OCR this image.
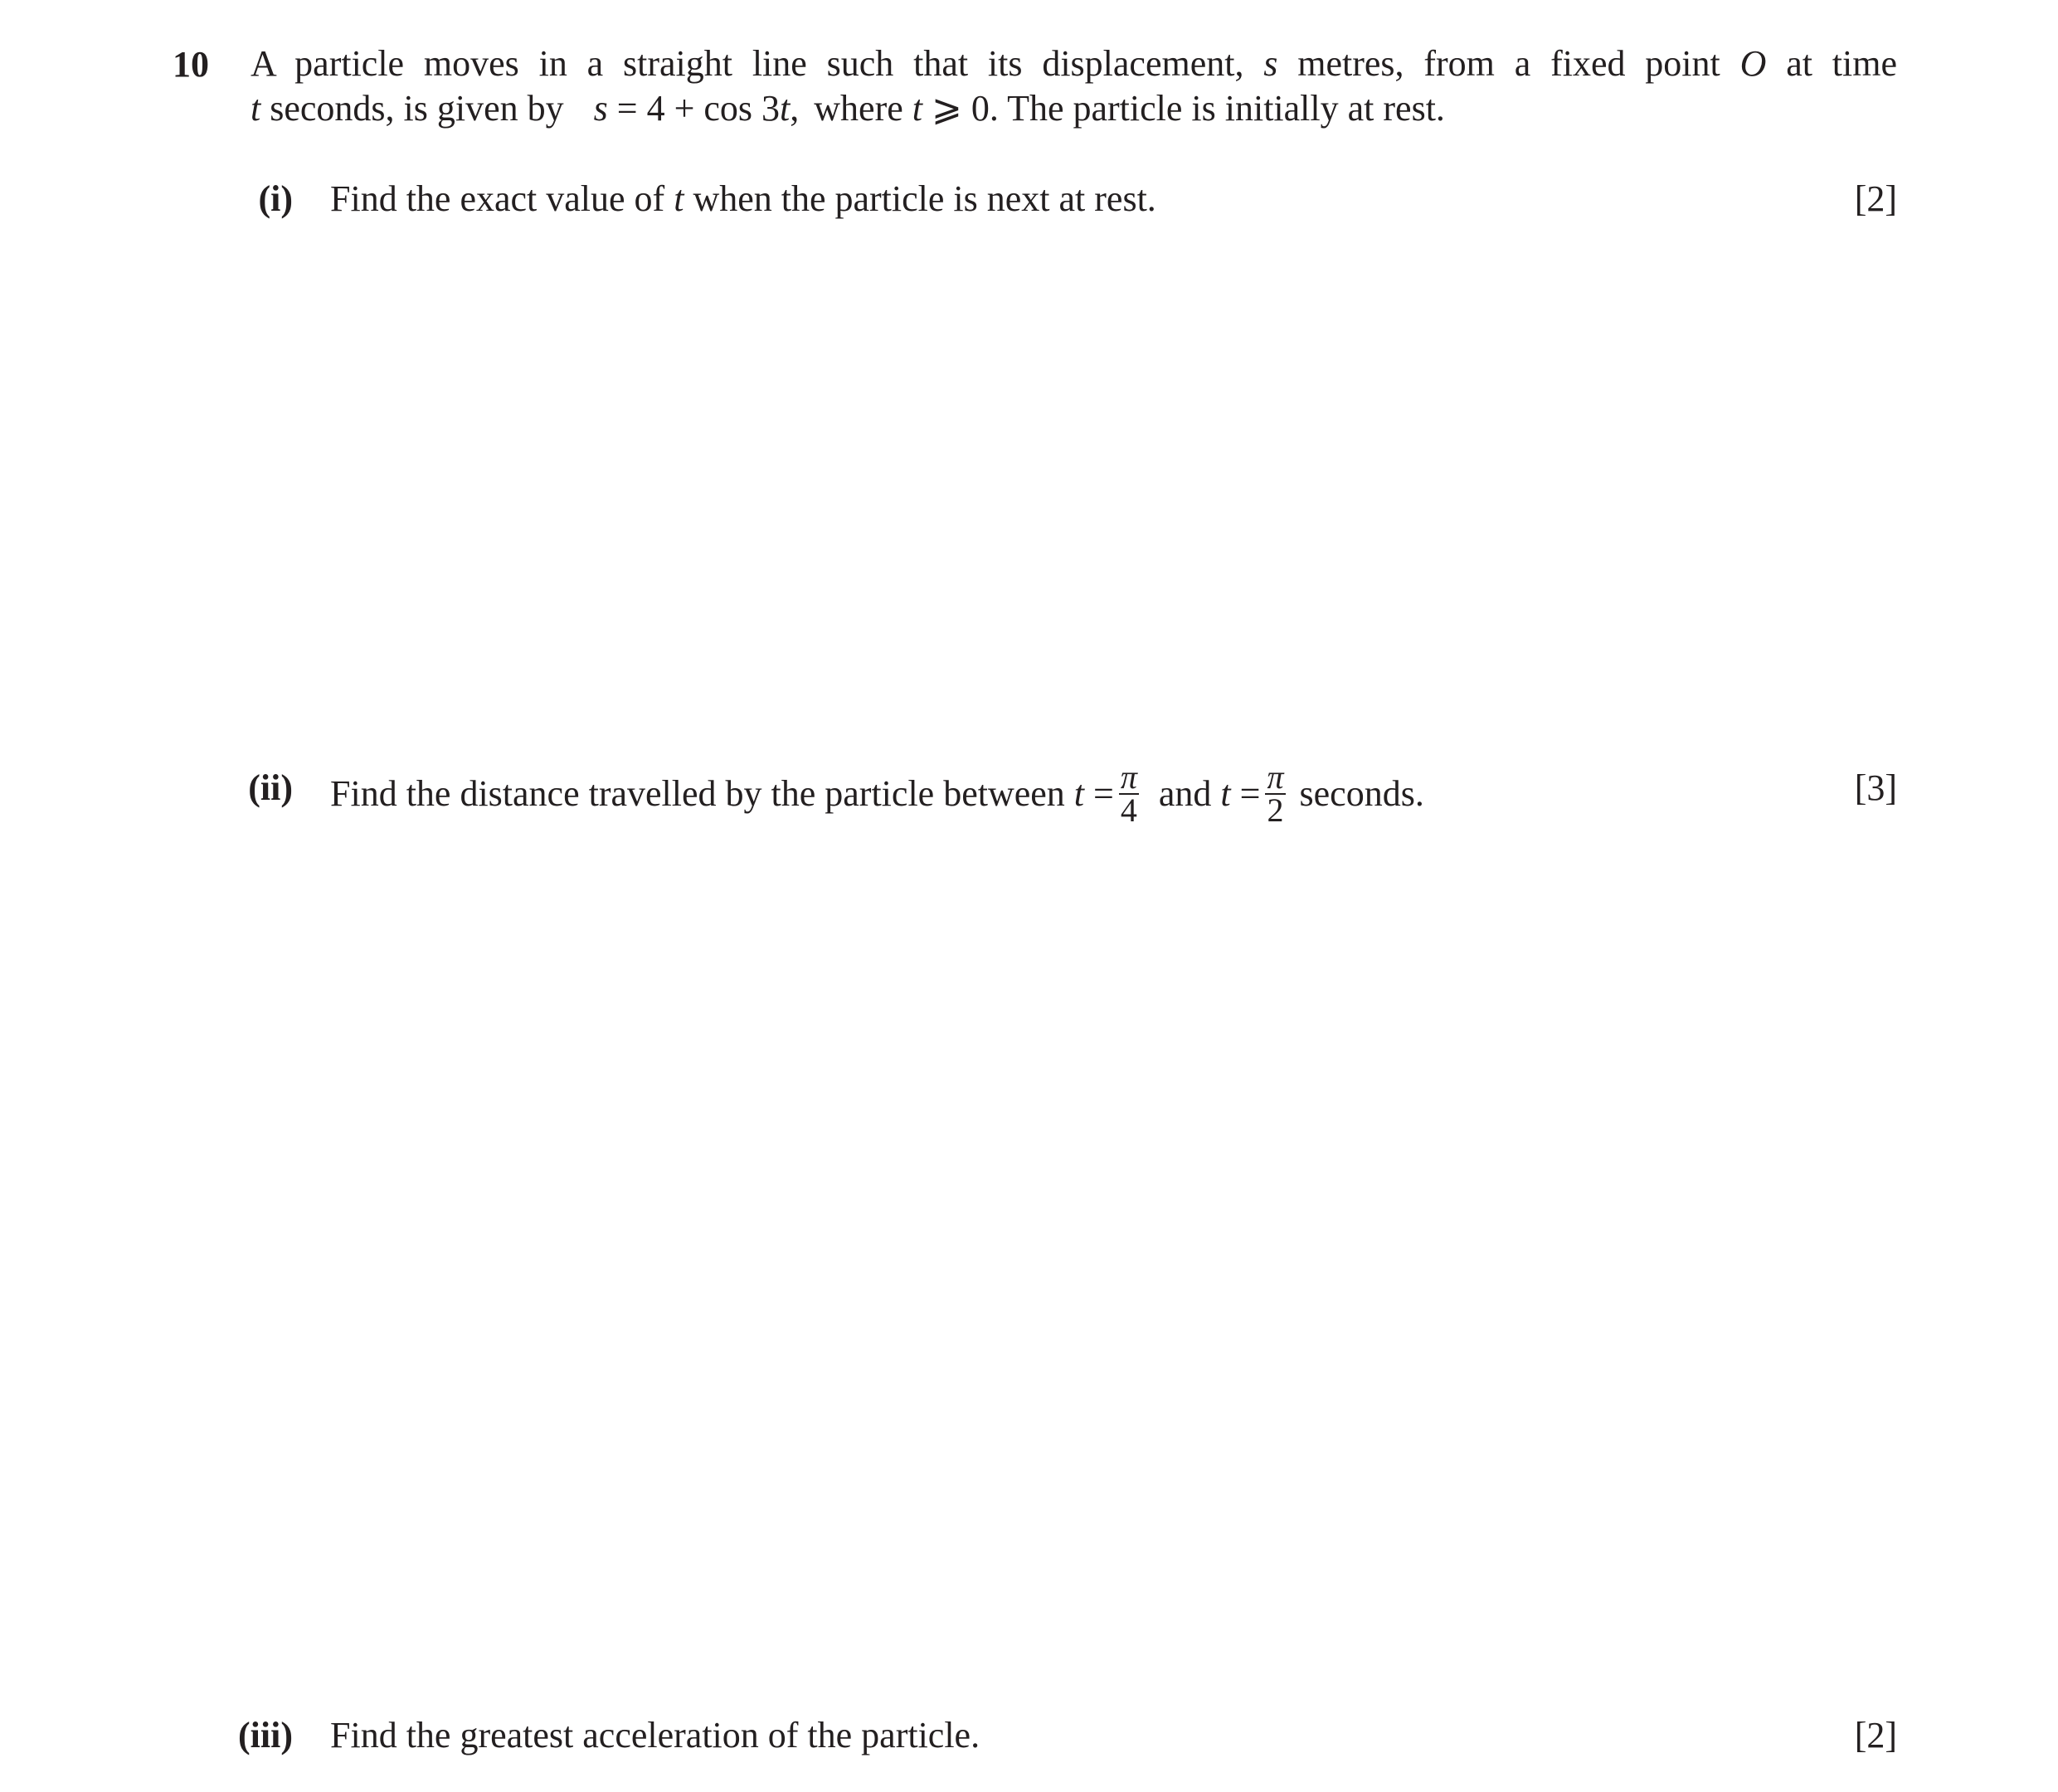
10 A particle moves in a straight line such that its displacement, s metres, from a fixed point O at time
t seconds, is given by s = 4 + cos 3t, where t ⩾ 0. The particle is initially at rest.
(i) Find the exact value of t when the particle is next at rest.	[2]
(ii) Find the distance travelled by the particle between $t = \frac{\pi}{4}$ and $t = \frac{\pi}{2}$ seconds.	[3]
(iii) Find the greatest acceleration of the particle.	[2]
